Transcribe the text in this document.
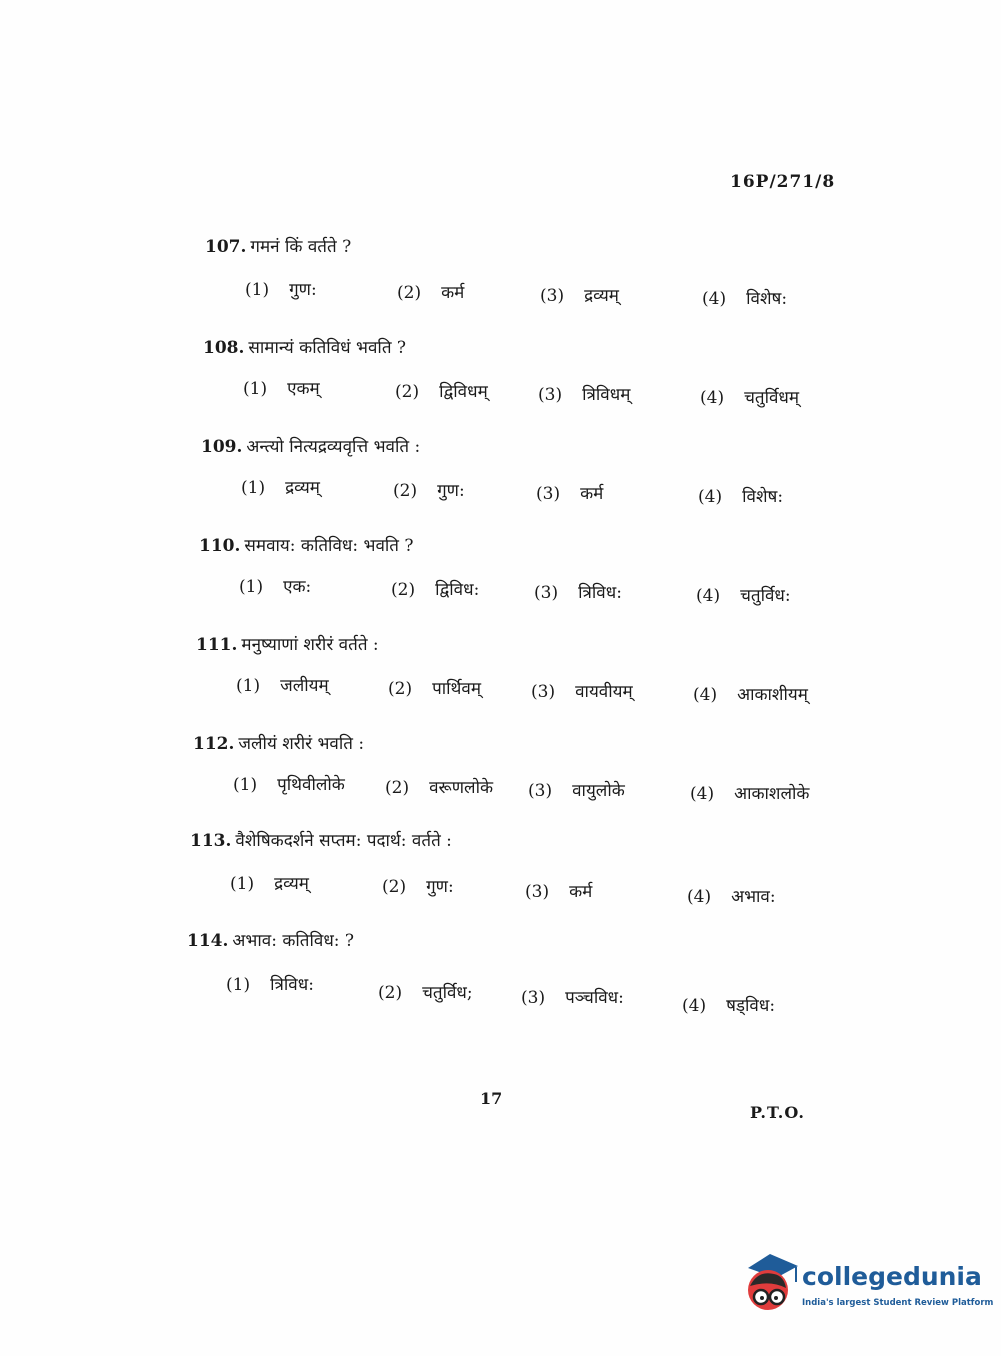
16P/271/8
107. गमनं किं वर्तते ?
(1) गुण:	(2) कर्म	(3) द्रव्यम्	(4) विशेष:
108. सामान्यं कतिविधं भवति ?
(1) एकम्	(2) द्विविधम्	(3) त्रिविधम्	(4) चतुर्विधम्
109. अन्त्यो नित्यद्रव्यवृत्ति भवति :
(1) द्रव्यम्	(2) गुण:	(3) कर्म	(4) विशेष:
110. समवाय: कतिविध: भवति ?
(1) एक:	(2) द्विविध:	(3) त्रिविध:	(4) चतुर्विध:
111. मनुष्याणां शरीरं वर्तते :
(1) जलीयम्	(2) पार्थिवम्	(3) वायवीयम्	(4) आकाशीयम्
112. जलीयं शरीरं भवति :
(1) पृथिवीलोके (2) वरूणलोके (3) वायुलोके	(4) आकाशलोके
113. वैशेषिकदर्शने सप्तम: पदार्थ: वर्तते :
(1) द्रव्यम्	(2) गुण:	(3) कर्म	(4) अभाव:
114. अभाव: कतिविध: ?
(1) त्रिविध:	(2) चतुर्विध;	(3) पञ्चविध:	(4) षड्विध:
17
P.T.O.
collegedunia
India's largest Student Review Platform
